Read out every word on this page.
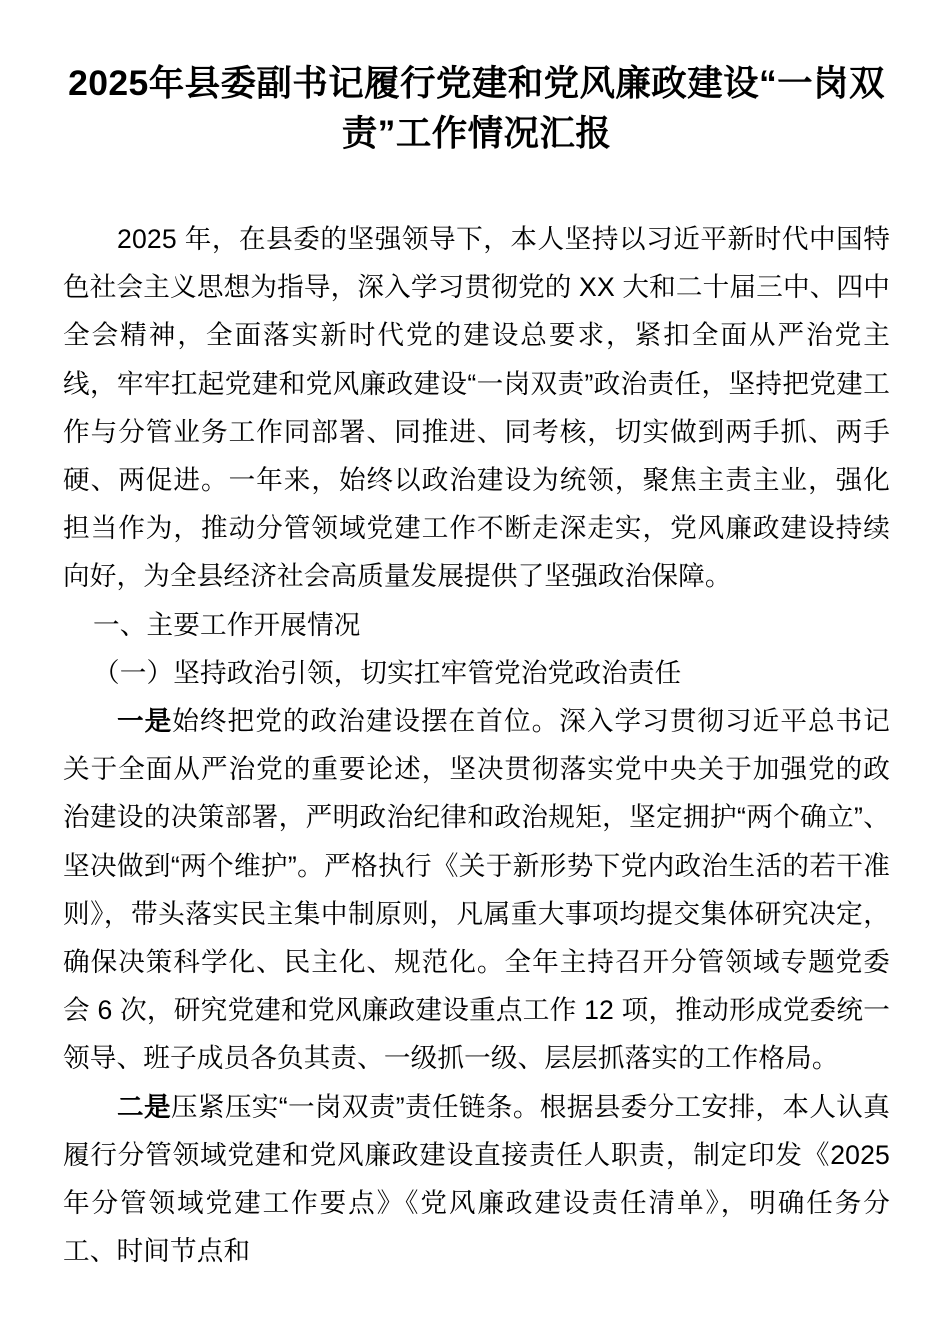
2025年县委副书记履行党建和党风廉政建设“一岗双责”工作情况汇报

2025 年，在县委的坚强领导下，本人坚持以习近平新时代中国特色社会主义思想为指导，深入学习贯彻党的 XX 大和二十届三中、四中全会精神，全面落实新时代党的建设总要求，紧扣全面从严治党主线，牢牢扛起党建和党风廉政建设“一岗双责”政治责任，坚持把党建工作与分管业务工作同部署、同推进、同考核，切实做到两手抓、两手硬、两促进。一年来，始终以政治建设为统领，聚焦主责主业，强化担当作为，推动分管领域党建工作不断走深走实，党风廉政建设持续向好，为全县经济社会高质量发展提供了坚强政治保障。

一、主要工作开展情况

（一）坚持政治引领，切实扛牢管党治党政治责任

一是始终把党的政治建设摆在首位。深入学习贯彻习近平总书记关于全面从严治党的重要论述，坚决贯彻落实党中央关于加强党的政治建设的决策部署，严明政治纪律和政治规矩，坚定拥护“两个确立”、坚决做到“两个维护”。严格执行《关于新形势下党内政治生活的若干准则》，带头落实民主集中制原则，凡属重大事项均提交集体研究决定，确保决策科学化、民主化、规范化。全年主持召开分管领域专题党委会 6 次，研究党建和党风廉政建设重点工作 12 项，推动形成党委统一领导、班子成员各负其责、一级抓一级、层层抓落实的工作格局。

二是压紧压实“一岗双责”责任链条。根据县委分工安排，本人认真履行分管领域党建和党风廉政建设直接责任人职责，制定印发《2025 年分管领域党建工作要点》《党风廉政建设责任清单》，明确任务分工、时间节点和
